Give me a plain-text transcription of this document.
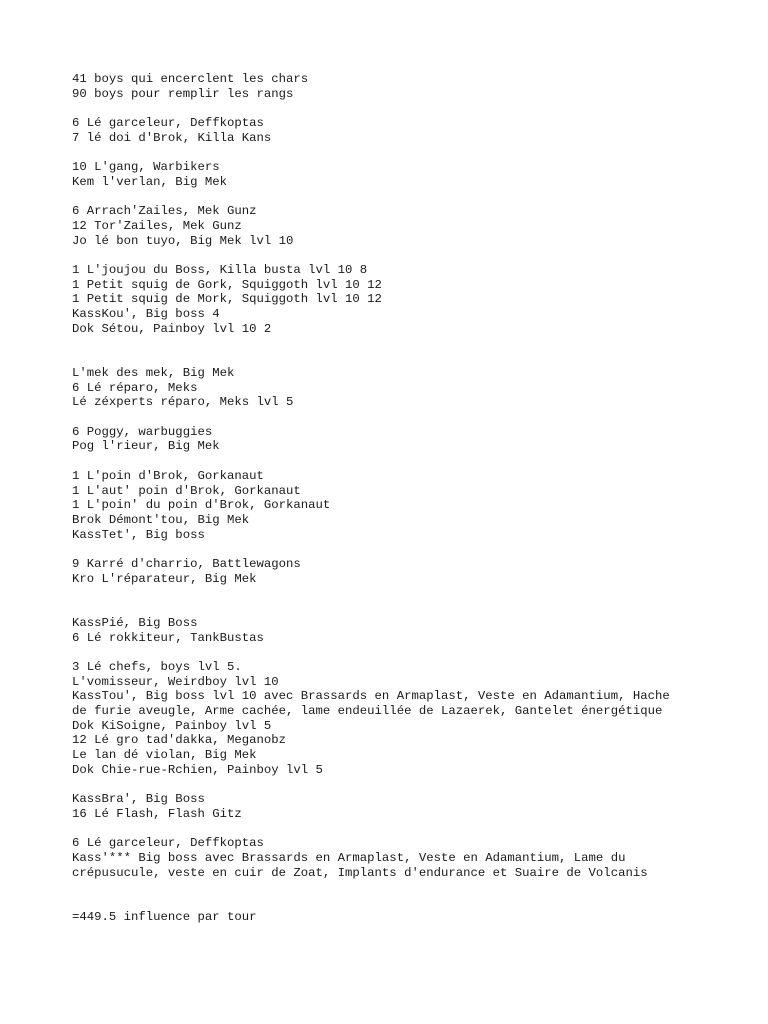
41 boys qui encerclent les chars
90 boys pour remplir les rangs
6 Lé garceleur, Deffkoptas
7 lé doi d'Brok, Killa Kans
10 L'gang, Warbikers
Kem l'verlan, Big Mek
6 Arrach'Zailes, Mek Gunz
12 Tor'Zailes, Mek Gunz
Jo lé bon tuyo, Big Mek lvl 10
1 L'joujou du Boss, Killa busta lvl 10 8
1 Petit squig de Gork, Squiggoth lvl 10 12
1 Petit squig de Mork, Squiggoth lvl 10 12
KassKou', Big boss 4
Dok Sétou, Painboy lvl 10 2
L'mek des mek, Big Mek
6 Lé réparo, Meks
Lé zéxperts réparo, Meks lvl 5
6 Poggy, warbuggies
Pog l'rieur, Big Mek
1 L'poin d'Brok, Gorkanaut
1 L'aut' poin d'Brok, Gorkanaut
1 L'poin' du poin d'Brok, Gorkanaut
Brok Démont'tou, Big Mek
KassTet', Big boss
9 Karré d'charrio, Battlewagons
Kro L'réparateur, Big Mek
KassPié, Big Boss
6 Lé rokkiteur, TankBustas
3 Lé chefs, boys lvl 5.
L'vomisseur, Weirdboy lvl 10
KassTou', Big boss lvl 10 avec Brassards en Armaplast, Veste en Adamantium, Hache
de furie aveugle, Arme cachée, lame endeuillée de Lazaerek, Gantelet énergétique
Dok KiSoigne, Painboy lvl 5
12 Lé gro tad'dakka, Meganobz
Le lan dé violan, Big Mek
Dok Chie-rue-Rchien, Painboy lvl 5
KassBra', Big Boss
16 Lé Flash, Flash Gitz
6 Lé garceleur, Deffkoptas
Kass'*** Big boss avec Brassards en Armaplast, Veste en Adamantium, Lame du
crépusucule, veste en cuir de Zoat, Implants d'endurance et Suaire de Volcanis
=449.5 influence par tour
